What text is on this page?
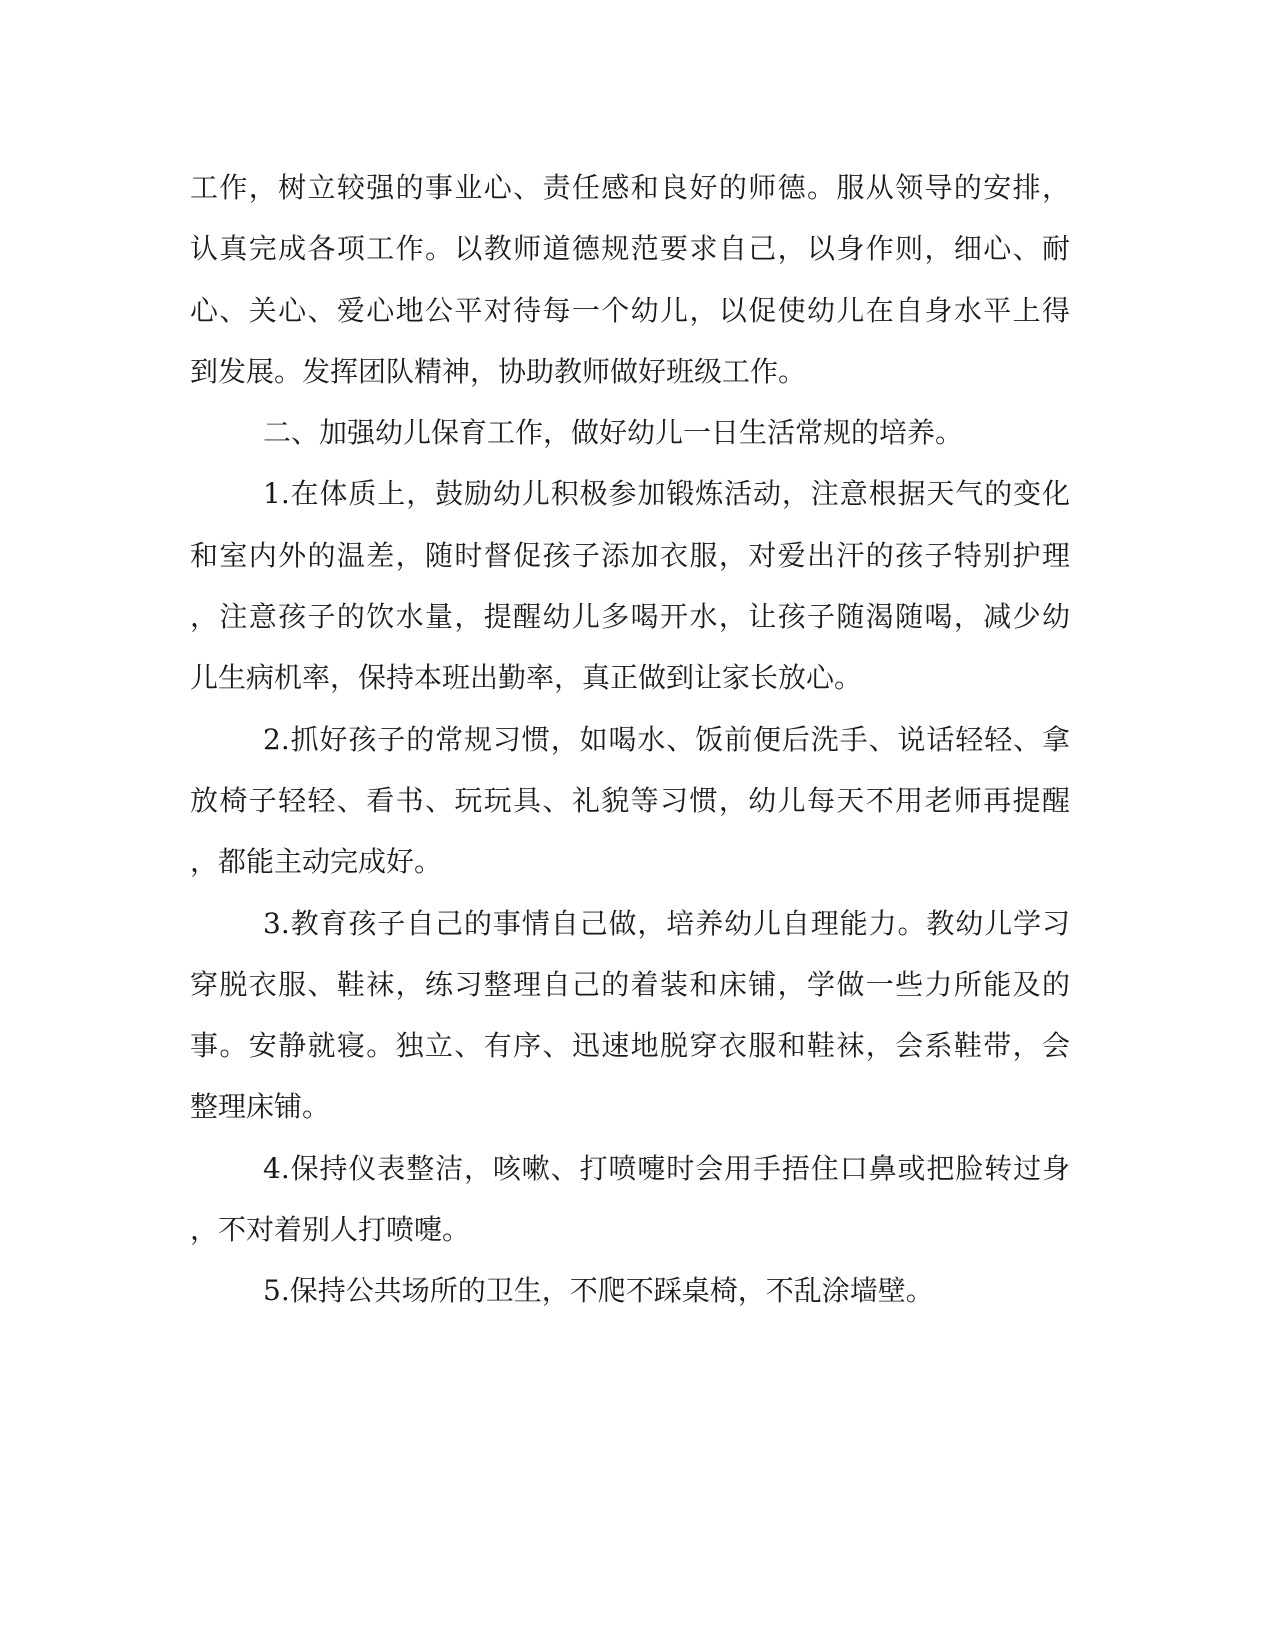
工作，树立较强的事业心、责任感和良好的师德。服从领导的安排，
认真完成各项工作。以教师道德规范要求自己，以身作则，细心、耐
心、关心、爱心地公平对待每一个幼儿，以促使幼儿在自身水平上得
到发展。发挥团队精神，协助教师做好班级工作。
二、加强幼儿保育工作，做好幼儿一日生活常规的培养。
1.在体质上，鼓励幼儿积极参加锻炼活动，注意根据天气的变化
和室内外的温差，随时督促孩子添加衣服，对爱出汗的孩子特别护理
，注意孩子的饮水量，提醒幼儿多喝开水，让孩子随渴随喝，减少幼
儿生病机率，保持本班出勤率，真正做到让家长放心。
2.抓好孩子的常规习惯，如喝水、饭前便后洗手、说话轻轻、拿
放椅子轻轻、看书、玩玩具、礼貌等习惯，幼儿每天不用老师再提醒
，都能主动完成好。
3.教育孩子自己的事情自己做，培养幼儿自理能力。教幼儿学习
穿脱衣服、鞋袜，练习整理自己的着装和床铺，学做一些力所能及的
事。安静就寝。独立、有序、迅速地脱穿衣服和鞋袜，会系鞋带，会
整理床铺。
4.保持仪表整洁，咳嗽、打喷嚏时会用手捂住口鼻或把脸转过身
，不对着别人打喷嚏。
5.保持公共场所的卫生，不爬不踩桌椅，不乱涂墙壁。
